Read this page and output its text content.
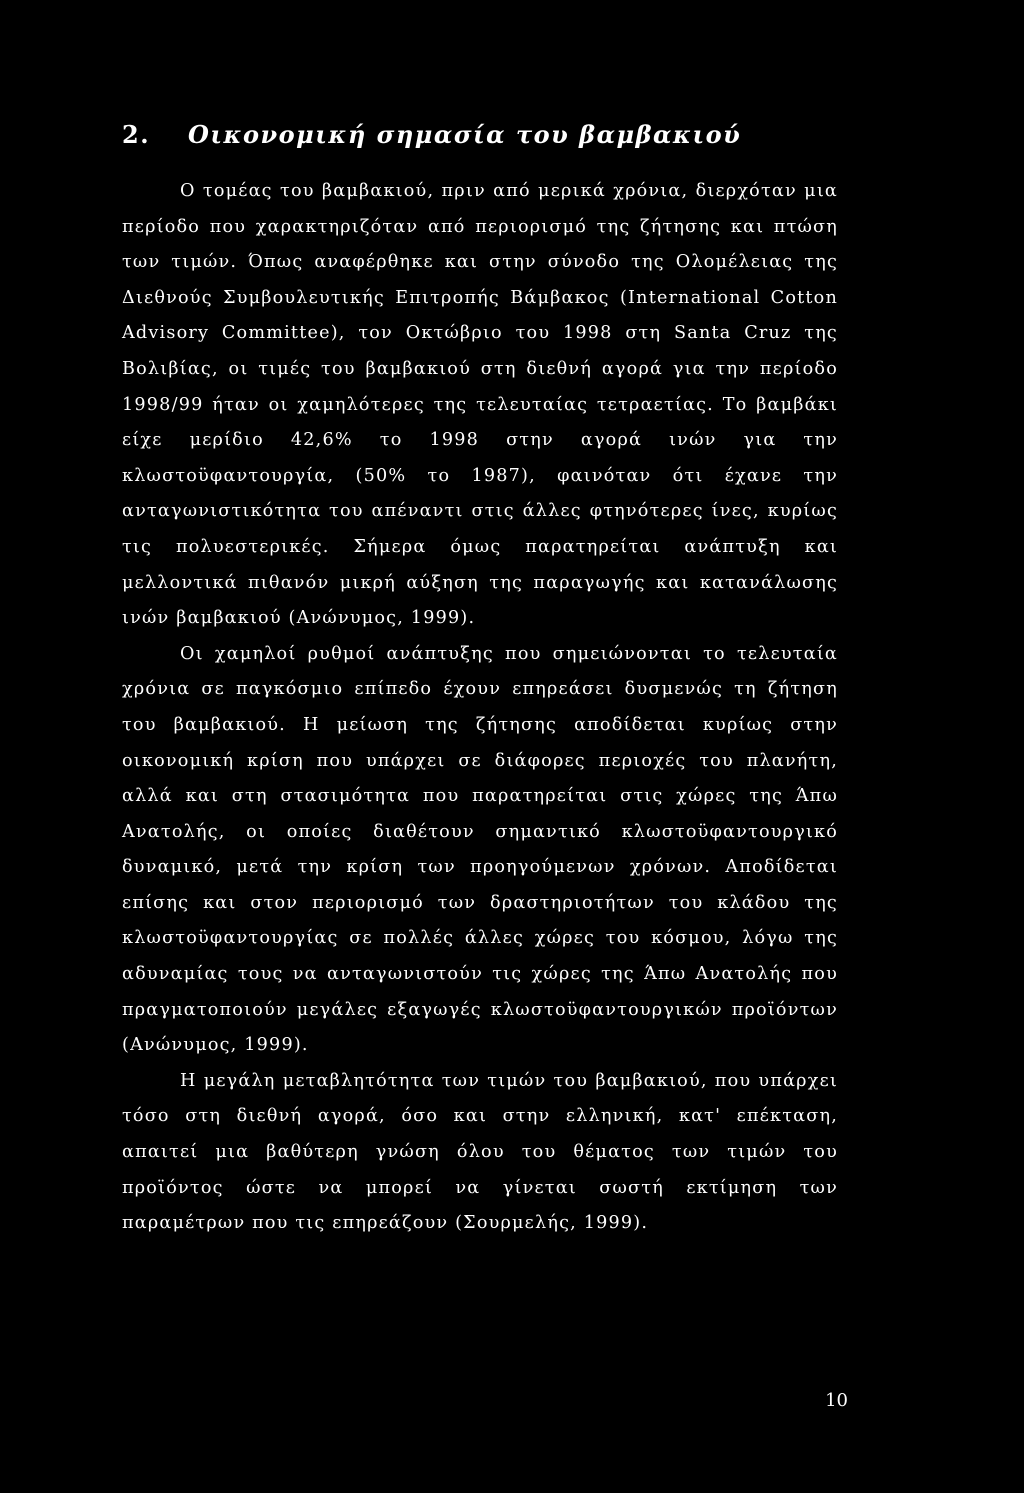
2. Οικονομική σημασία του βαμβακιού

Ο τομέας του βαμβακιού, πριν από μερικά χρόνια, διερχόταν μια περίοδο που χαρακτηριζόταν από περιορισμό της ζήτησης και πτώση των τιμών. Όπως αναφέρθηκε και στην σύνοδο της Ολομέλειας της Διεθνούς Συμβουλευτικής Επιτροπής Βάμβακος (International Cotton Advisory Committee), τον Οκτώβριο του 1998 στη Santa Cruz της Βολιβίας, οι τιμές του βαμβακιού στη διεθνή αγορά για την περίοδο 1998/99 ήταν οι χαμηλότερες της τελευταίας τετραετίας. Το βαμβάκι είχε μερίδιο 42,6% το 1998 στην αγορά ινών για την κλωστοϋφαντουργία, (50% το 1987), φαινόταν ότι έχανε την ανταγωνιστικότητα του απέναντι στις άλλες φτηνότερες ίνες, κυρίως τις πολυεστερικές. Σήμερα όμως παρατηρείται ανάπτυξη και μελλοντικά πιθανόν μικρή αύξηση της παραγωγής και κατανάλωσης ινών βαμβακιού (Ανώνυμος, 1999).

Οι χαμηλοί ρυθμοί ανάπτυξης που σημειώνονται το τελευταία χρόνια σε παγκόσμιο επίπεδο έχουν επηρεάσει δυσμενώς τη ζήτηση του βαμβακιού. Η μείωση της ζήτησης αποδίδεται κυρίως στην οικονομική κρίση που υπάρχει σε διάφορες περιοχές του πλανήτη, αλλά και στη στασιμότητα που παρατηρείται στις χώρες της Άπω Ανατολής, οι οποίες διαθέτουν σημαντικό κλωστοϋφαντουργικό δυναμικό, μετά την κρίση των προηγούμενων χρόνων. Αποδίδεται επίσης και στον περιορισμό των δραστηριοτήτων του κλάδου της κλωστοϋφαντουργίας σε πολλές άλλες χώρες του κόσμου, λόγω της αδυναμίας τους να ανταγωνιστούν τις χώρες της Άπω Ανατολής που πραγματοποιούν μεγάλες εξαγωγές κλωστοϋφαντουργικών προϊόντων (Ανώνυμος, 1999).

Η μεγάλη μεταβλητότητα των τιμών του βαμβακιού, που υπάρχει τόσο στη διεθνή αγορά, όσο και στην ελληνική, κατ' επέκταση, απαιτεί μια βαθύτερη γνώση όλου του θέματος των τιμών του προϊόντος ώστε να μπορεί να γίνεται σωστή εκτίμηση των παραμέτρων που τις επηρεάζουν (Σουρμελής, 1999).

10
